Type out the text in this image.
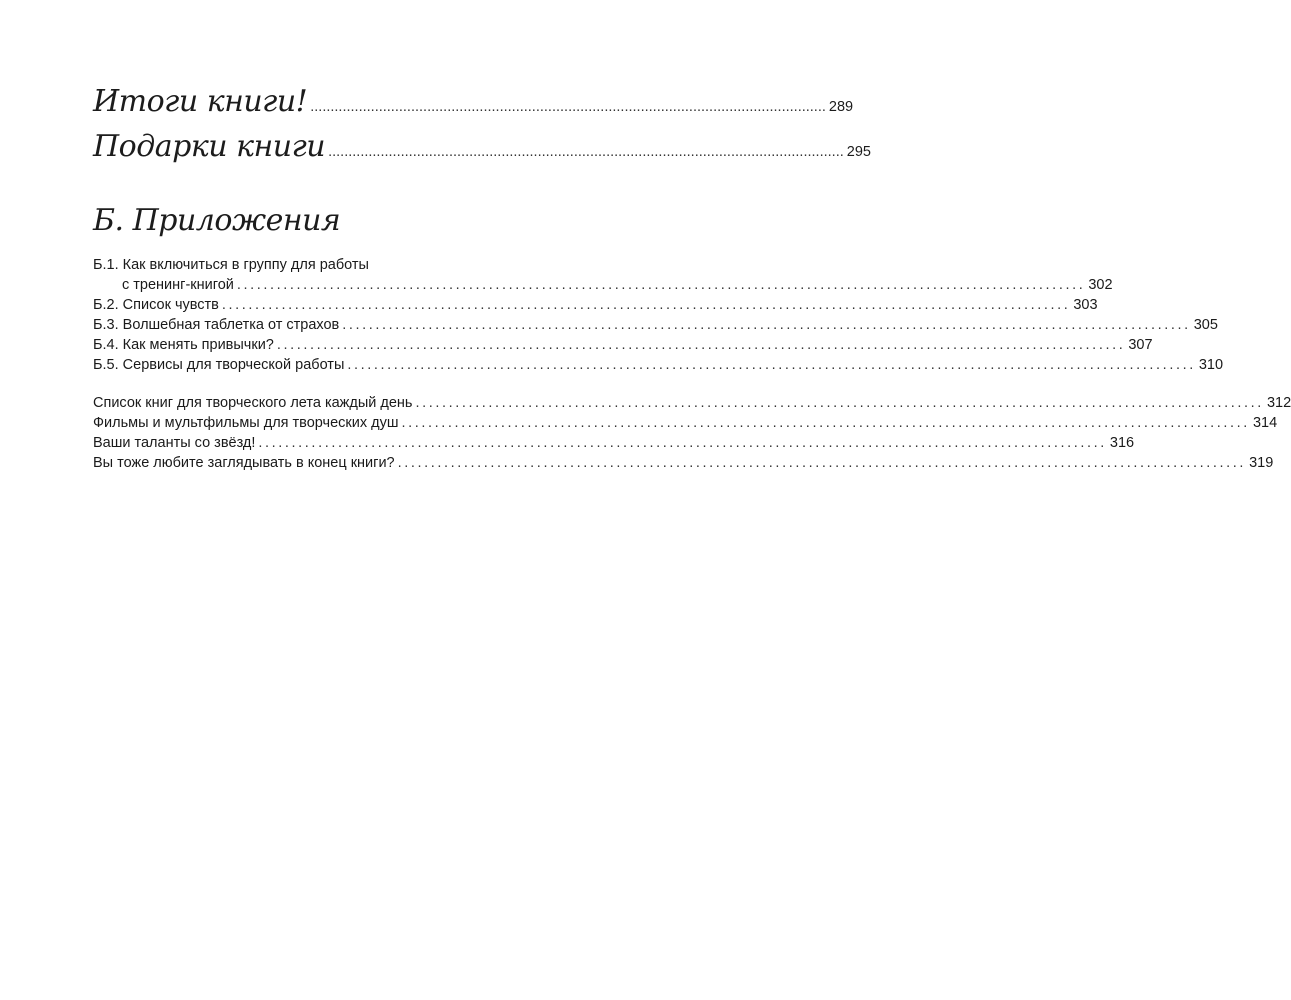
Итоги книги! ................................................................................................................................ 289
Подарки книги ................................................................................................................................ 295
Б. Приложения
Б.1. Как включиться в группу для работы
с тренинг-книгой ................................................................................................................................ 302
Б.2. Список чувств ................................................................................................................................ 303
Б.3. Волшебная таблетка от страхов ................................................................................................................................ 305
Б.4. Как менять привычки? ................................................................................................................................ 307
Б.5. Сервисы для творческой работы ................................................................................................................................ 310
Список книг для творческого лета каждый день ................................................................................................................................ 312
Фильмы и мультфильмы для творческих душ ................................................................................................................................ 314
Ваши таланты со звёзд! ................................................................................................................................ 316
Вы тоже любите заглядывать в конец книги? ................................................................................................................................ 319
